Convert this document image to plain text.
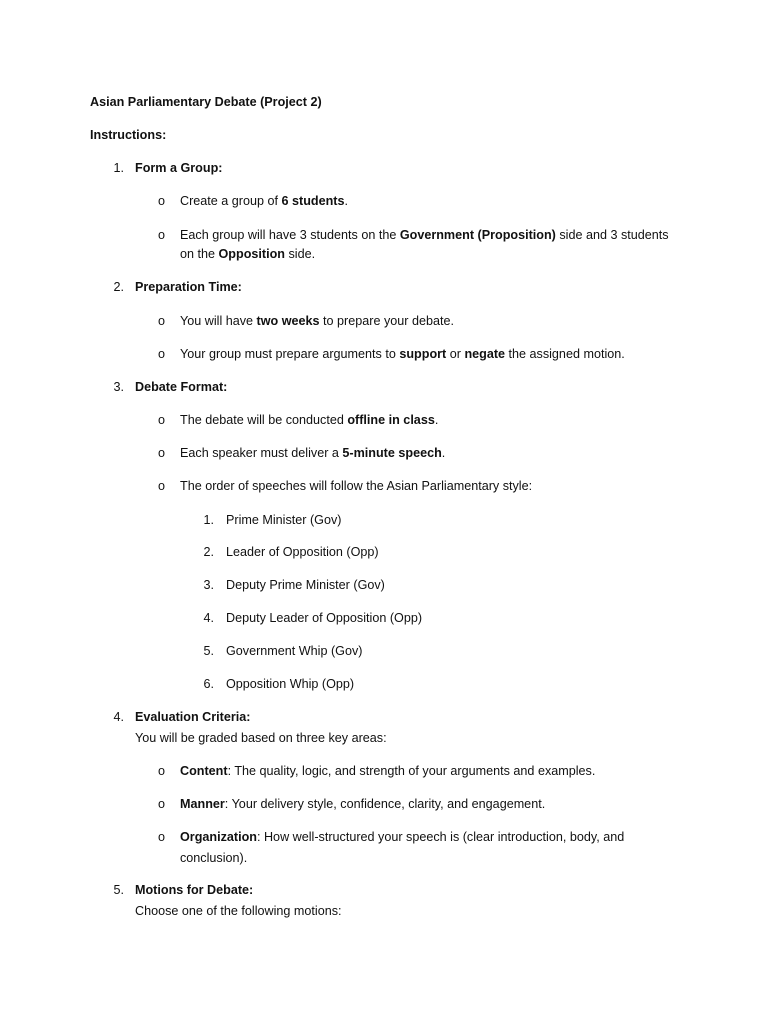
Asian Parliamentary Debate (Project 2)
Instructions:
1. Form a Group:
o	Create a group of 6 students.
o	Each group will have 3 students on the Government (Proposition) side and 3 students
on the Opposition side.
2. Preparation Time:
o	You will have two weeks to prepare your debate.
o	Your group must prepare arguments to support or negate the assigned motion.
3. Debate Format:
o	The debate will be conducted offline in class.
o	Each speaker must deliver a 5-minute speech.
o	The order of speeches will follow the Asian Parliamentary style:
1. Prime Minister (Gov)
2. Leader of Opposition (Opp)
3. Deputy Prime Minister (Gov)
4. Deputy Leader of Opposition (Opp)
5. Government Whip (Gov)
6. Opposition Whip (Opp)
4. Evaluation Criteria:
You will be graded based on three key areas:
o	Content: The quality, logic, and strength of your arguments and examples.
o	Manner: Your delivery style, confidence, clarity, and engagement.
o	Organization: How well-structured your speech is (clear introduction, body, and
conclusion).
5. Motions for Debate:
Choose one of the following motions:
